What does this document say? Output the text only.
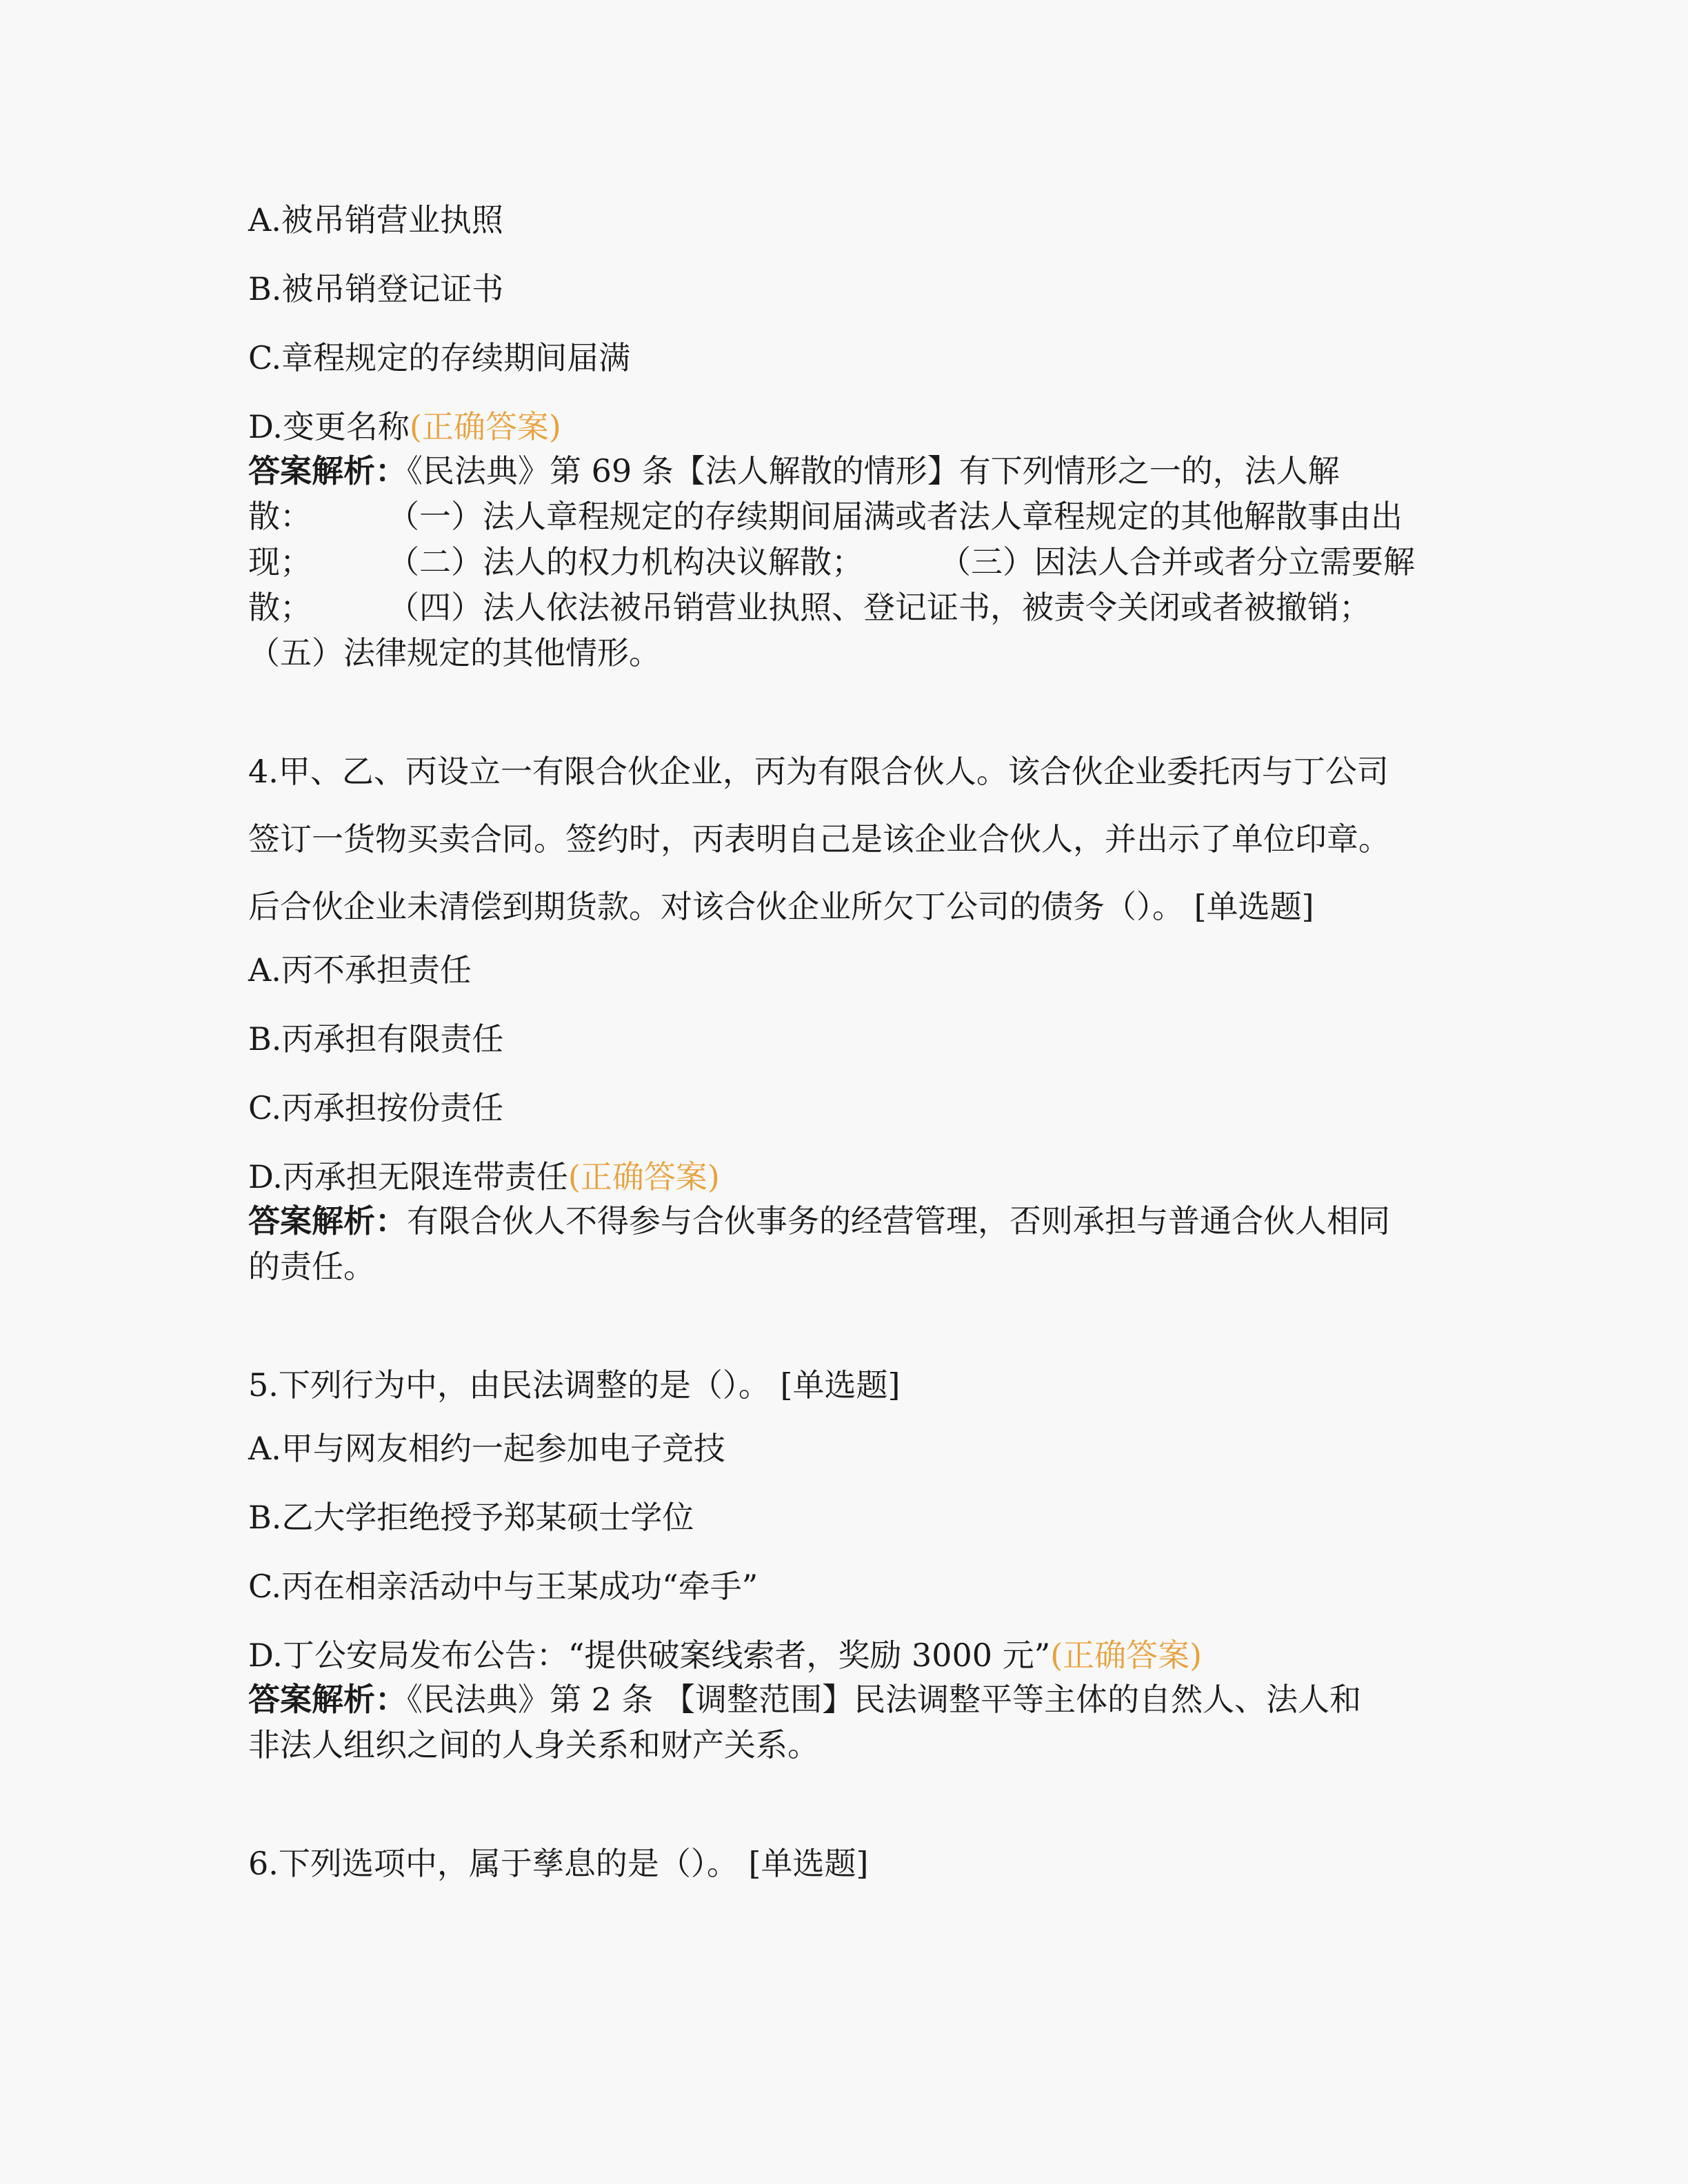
A.被吊销营业执照
B.被吊销登记证书
C.章程规定的存续期间届满
D.变更名称(正确答案)
答案解析：《民法典》第 69 条【法人解散的情形】有下列情形之一的，法人解
散： （一）法人章程规定的存续期间届满或者法人章程规定的其他解散事由出
现； （二）法人的权力机构决议解散； （三）因法人合并或者分立需要解
散； （四）法人依法被吊销营业执照、登记证书，被责令关闭或者被撤销；
（五）法律规定的其他情形。
4.甲、乙、丙设立一有限合伙企业，丙为有限合伙人。该合伙企业委托丙与丁公司
签订一货物买卖合同。签约时，丙表明自己是该企业合伙人，并出示了单位印章。
后合伙企业未清偿到期货款。对该合伙企业所欠丁公司的债务（）。 [单选题]
A.丙不承担责任
B.丙承担有限责任
C.丙承担按份责任
D.丙承担无限连带责任(正确答案)
答案解析：有限合伙人不得参与合伙事务的经营管理，否则承担与普通合伙人相同
的责任。
5.下列行为中，由民法调整的是（）。 [单选题]
A.甲与网友相约一起参加电子竞技
B.乙大学拒绝授予郑某硕士学位
C.丙在相亲活动中与王某成功“牵手”
D.丁公安局发布公告：“提供破案线索者，奖励 3000 元”(正确答案)
答案解析：《民法典》第 2 条 【调整范围】民法调整平等主体的自然人、法人和
非法人组织之间的人身关系和财产关系。
6.下列选项中，属于孳息的是（）。 [单选题]
